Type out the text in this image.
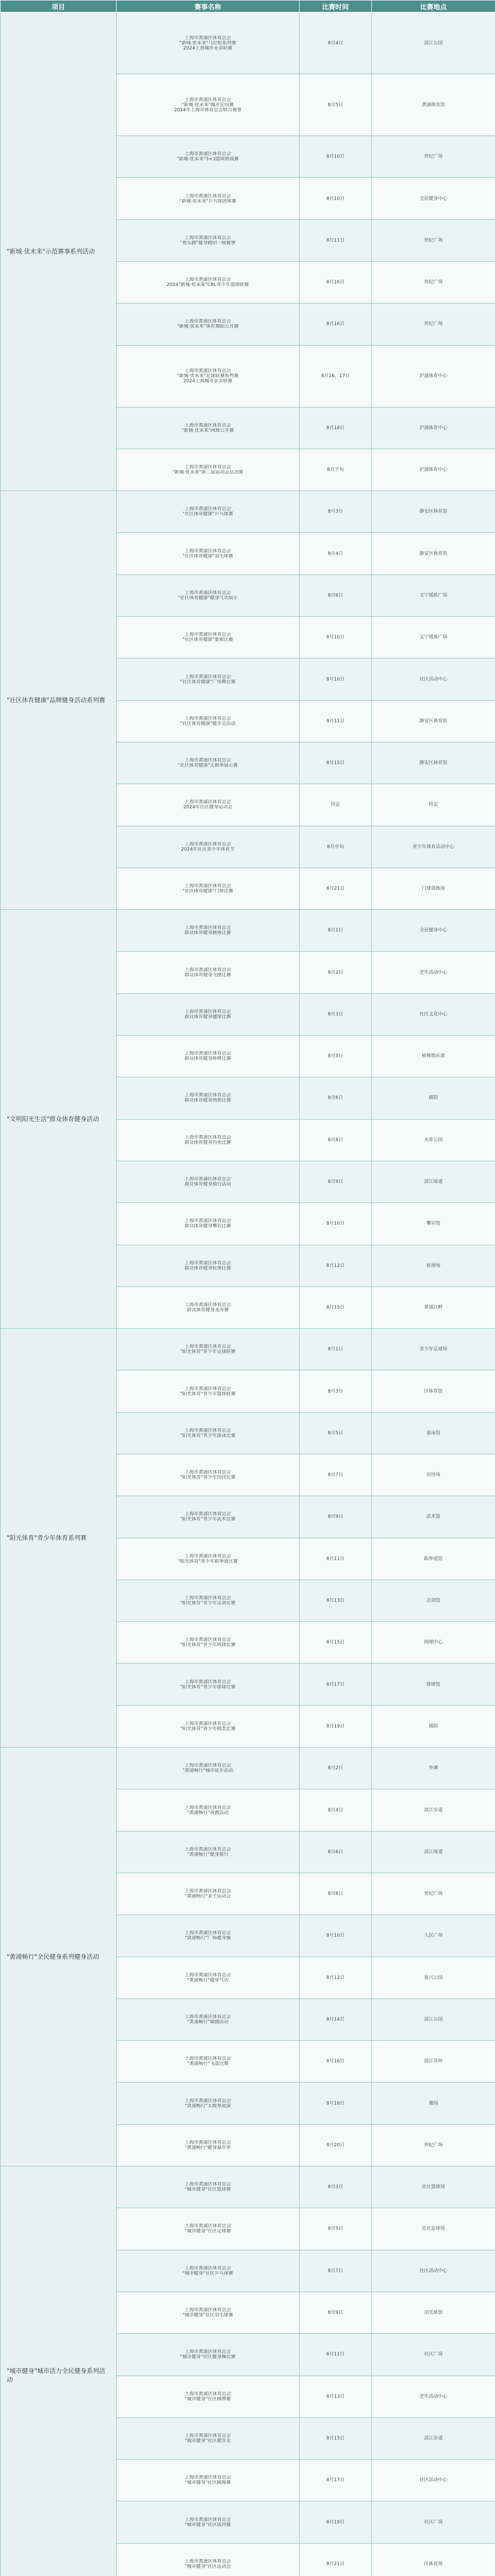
项目	赛事名称	比赛时间	比赛地点
"新城·优未来"示范赛事系列活动	上海市黄浦区体育总会
"新城·优未来"马拉松系列赛
2024上海城市业余联赛	8月4日	滨江公园

	上海市黄浦区体育总会
"新城·优未来"城市定向赛
2024年上海市体育总会联合赛事	8月5日	黄浦体育馆

	上海市黄浦区体育总会
"新城·优未来"3×3篮球挑战赛	8月10日	世纪广场

	上海市黄浦区体育总会
"新城·优未来"乒乓球团体赛	8月10日	全民健身中心

	上海市黄浦区体育总会
"欢乐跑"健身跑团一级赛事	8月11日	世纪广场

	上海市黄浦区体育总会
2024"新城·优未来"CBL青少年篮球联赛	8月16日	世纪广场

	上海市黄浦区体育总会
"新城·优未来"体育舞蹈公开赛	8月16日	世纪广场

	上海市黄浦区体育总会
"新城·优未来"足球联赛系列赛
2024上海城市业余联赛	8月16、17日	沪浦体育中心

	上海市黄浦区体育总会
"新城·优未来"网球公开赛	8月18日	沪浦体育中心

	上海市黄浦区体育总会
"新城·优未来"第二届运动会总决赛	8月下旬	沪浦体育中心
"社区体育健康"品牌健身活动系列赛	上海市黄浦区体育总会
"社区体育健康"乒乓球赛	8月3日	静安区体育馆

	上海市黄浦区体育总会
"社区体育健康"羽毛球赛	8月4日	静安区体育馆

	上海市黄浦区体育总会
"社区体育健康"健身气功展示	8月6日	文宁瑶族广场

	上海市黄浦区体育总会
"社区体育健康"象棋比赛	8月10日	文宁瑶族广场

	上海市黄浦区体育总会
"社区体育健康"广场舞比赛	8月10日	社区活动中心

	上海市黄浦区体育总会
"社区体育健康"健步走活动	8月11日	静安区体育馆

	上海市黄浦区体育总会
"社区体育健康"太极拳展示赛	8月15日	静安区体育馆

	上海市黄浦区体育总会
2024年社区健身运动会	待定	待定

	上海市黄浦区体育总会
2024年社区青少年体育节	8月中旬	青少年体育活动中心

	上海市黄浦区体育总会
"社区体育健康"门球比赛	8月21日	门球训练场
"文明阳光生活"群众体育健身活动	上海市黄浦区体育总会
群众体育健身跳绳比赛	8月1日	全民健身中心

	上海市黄浦区体育总会
群众体育健身飞镖比赛	8月2日	老年活动中心

	上海市黄浦区体育总会
群众体育健身毽球比赛	8月3日	社区文化中心

	上海市黄浦区体育总会
群众体育健身桥牌比赛	8月5日	桥牌俱乐部

	上海市黄浦区体育总会
群众体育健身围棋比赛	8月6日	棋院

	上海市黄浦区体育总会
群众体育健身钓鱼比赛	8月8日	水库公园

	上海市黄浦区体育总会
群众体育健身骑行活动	8月9日	滨江绿道

	上海市黄浦区体育总会
群众体育健身攀岩比赛	8月10日	攀岩馆

	上海市黄浦区体育总会
群众体育健身轮滑比赛	8月12日	轮滑场

	上海市黄浦区体育总会
群众体育健身龙舟赛	8月15日	黄浦江畔
"阳光体育"青少年体育系列赛	上海市黄浦区体育总会
"阳光体育"青少年足球联赛	8月1日	青少年足球场

	上海市黄浦区体育总会
"阳光体育"青少年篮球联赛	8月3日	区体育馆

	上海市黄浦区体育总会
"阳光体育"青少年游泳比赛	8月5日	游泳馆

	上海市黄浦区体育总会
"阳光体育"青少年田径比赛	8月7日	田径场

	上海市黄浦区体育总会
"阳光体育"青少年武术比赛	8月9日	武术馆

	上海市黄浦区体育总会
"阳光体育"青少年跆拳道比赛	8月11日	跆拳道馆

	上海市黄浦区体育总会
"阳光体育"青少年击剑比赛	8月13日	击剑馆

	上海市黄浦区体育总会
"阳光体育"青少年网球比赛	8月15日	网球中心

	上海市黄浦区体育总会
"阳光体育"青少年排球比赛	8月17日	排球馆

	上海市黄浦区体育总会
"阳光体育"青少年棋类比赛	8月19日	棋院
"黄浦畅行"全民健身系列健身活动	上海市黄浦区体育总会
"黄浦畅行"城市徒步活动	8月2日	外滩

	上海市黄浦区体育总会
"黄浦畅行"夜跑活动	8月4日	滨江步道

	上海市黄浦区体育总会
"黄浦畅行"健身骑行	8月6日	滨江绿道

	上海市黄浦区体育总会
"黄浦畅行"亲子运动会	8月8日	世纪广场

	上海市黄浦区体育总会
"黄浦畅行"广场健身操	8月10日	人民广场

	上海市黄浦区体育总会
"黄浦畅行"健身气功	8月12日	复兴公园

	上海市黄浦区体育总会
"黄浦畅行"瑜伽活动	8月14日	滨江公园

	上海市黄浦区体育总会
"黄浦畅行"飞盘比赛	8月16日	滨江草坪

	上海市黄浦区体育总会
"黄浦畅行"太极拳展演	8月18日	豫园

	上海市黄浦区体育总会
"黄浦畅行"健身嘉年华	8月20日	世纪广场
"城市健身"城市活力全民健身系列活动	上海市黄浦区体育总会
"城市健身"社区篮球赛	8月3日	社区篮球场

	上海市黄浦区体育总会
"城市健身"社区足球赛	8月5日	社区足球场

	上海市黄浦区体育总会
"城市健身"社区乒乓球赛	8月7日	社区活动中心

	上海市黄浦区体育总会
"城市健身"社区羽毛球赛	8月9日	羽毛球馆

	上海市黄浦区体育总会
"城市健身"社区健身操比赛	8月11日	社区广场

	上海市黄浦区体育总会
"城市健身"社区棋牌赛	8月13日	老年活动中心

	上海市黄浦区体育总会
"城市健身"社区健步走	8月15日	滨江步道

	上海市黄浦区体育总会
"城市健身"社区跳绳赛	8月17日	社区活动中心

	上海市黄浦区体育总会
"城市健身"社区拔河赛	8月19日	社区广场

	上海市黄浦区体育总会
"城市健身"社区运动会	8月21日	区体育场
